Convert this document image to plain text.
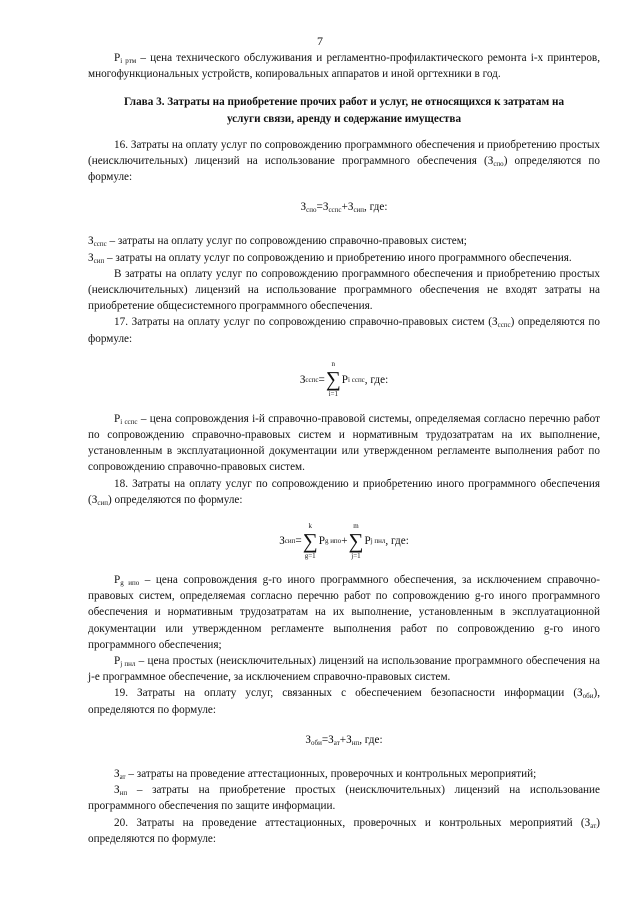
7

$P_{i ртм}$ – цена технического обслуживания и регламентно-профилактического ремонта i-х принтеров, многофункциональных устройств, копировальных аппаратов и иной оргтехники в год.

Глава 3. Затраты на приобретение прочих работ и услуг, не относящихся к затратам на услуги связи, аренду и содержание имущества

16. Затраты на оплату услуг по сопровождению программного обеспечения и приобретению простых (неисключительных) лицензий на использование программного обеспечения $(З_{спо})$ определяются по формуле:

$З_{спо}=З_{сспс}+З_{сип}$, где:

$З_{сспс}$ – затраты на оплату услуг по сопровождению справочно-правовых систем;

$З_{сип}$ – затраты на оплату услуг по сопровождению и приобретению иного программного обеспечения.

В затраты на оплату услуг по сопровождению программного обеспечения и приобретению простых (неисключительных) лицензий на использование программного обеспечения не входят затраты на приобретение общесистемного программного обеспечения.

17. Затраты на оплату услуг по сопровождению справочно-правовых систем $(З_{сспс})$ определяются по формуле:

З сспс =
n
∑
i=1
P i сспс , где:

$P_{i сспс}$ – цена сопровождения i-й справочно-правовой системы, определяемая согласно перечню работ по сопровождению справочно-правовых систем и нормативным трудозатратам на их выполнение, установленным в эксплуатационной документации или утвержденном регламенте выполнения работ по сопровождению справочно-правовых систем.

18. Затраты на оплату услуг по сопровождению и приобретению иного программного обеспечения $(З_{сип})$ определяются по формуле:

З сип =
k
∑
g=1
P g ипо +
m
∑
j=1
P j пнл , где:

$P_{g ипо}$ – цена сопровождения g-го иного программного обеспечения, за исключением справочно-правовых систем, определяемая согласно перечню работ по сопровождению g-го иного программного обеспечения и нормативным трудозатратам на их выполнение, установленным в эксплуатационной документации или утвержденном регламенте выполнения работ по сопровождению g-го иного программного обеспечения;

$P_{j пнл}$ – цена простых (неисключительных) лицензий на использование программного обеспечения на j-е программное обеспечение, за исключением справочно-правовых систем.

19. Затраты на оплату услуг, связанных с обеспечением безопасности информации $(З_{оби})$, определяются по формуле:

$З_{оби}=З_{ат}+З_{нп}$, где:

$З_{ат}$ – затраты на проведение аттестационных, проверочных и контрольных мероприятий;

$З_{нп}$ – затраты на приобретение простых (неисключительных) лицензий на использование программного обеспечения по защите информации.

20. Затраты на проведение аттестационных, проверочных и контрольных мероприятий $(З_{ат})$ определяются по формуле:
